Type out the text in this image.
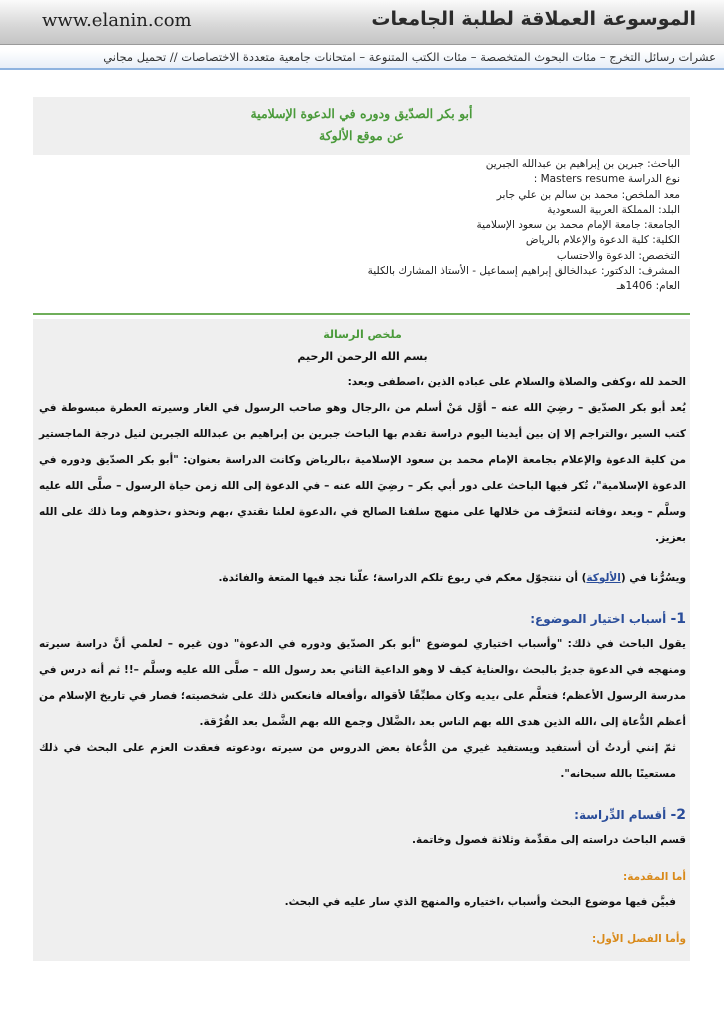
www.elanin.com	الموسوعة العملاقة لطلبة الجامعات
عشرات رسائل التخرج – مئات البحوث المتخصصة – مئات الكتب المتنوعة – امتحانات جامعية متعددة الاختصاصات // تحميل مجاني
أبو بكر الصدّيق ودوره في الدعوة الإسلامية
عن موقع الألوكة
الباحث: جبرين بن إبراهيم بن عبدالله الجبرين
نوع الدراسة Masters resume :
معد الملخص: محمد بن سالم بن علي جابر
البلد: المملكة العربية السعودية
الجامعة: جامعة الإمام محمد بن سعود الإسلامية
الكلية: كلية الدعوة والإعلام بالرياض
التخصص: الدعوة والاحتساب
المشرف: الدكتور: عبدالخالق إبراهيم إسماعيل - الأستاذ المشارك بالكلية
العام: 1406هـ
ملخص الرسالة
بسم الله الرحمن الرحيم
الحمد لله ،وكفى والصلاة والسلام على عباده الذين ،اصطفى وبعد:
يُعد أبو بكر الصدّيق – رضِيَ الله عنه – أوَّل مَنْ أسلم من ،الرجال وهو صاحب الرسول في الغار وسيرته العطرة مبسوطة في كتب السير ،والتراجم إلا إن بين أيدينا اليوم دراسة تقدم بها الباحث جبرين بن إبراهيم بن عبدالله الجبرين لنيل درجة الماجستير من كلية الدعوة والإعلام بجامعة الإمام محمد بن سعود الإسلامية ،بالرياض وكانت الدراسة بعنوان: "أبو بكر الصدّيق ودوره في الدعوة الإسلامية"، تُكر فيها الباحث على دور أبي بكر – رضِيَ الله عنه – في الدعوة إلى الله زمن حياة الرسول – صلَّى الله عليه وسلَّم – وبعد ،وفاته لتتعرَّف من خلالها على منهج سلفنا الصالح في ،الدعوة لعلنا نقتدي ،بهم ونحذو ،حذوهم وما ذلك على الله بعزيز.
ويسُرُّنا في (الألوكة) أن ننتجوّل معكم في ربوع تلكم الدراسة؛ علّنا نجد فيها المتعة والفائدة.
1- أسباب اختيار الموضوع:
يقول الباحث في ذلك: "وأسباب اختياري لموضوع "أبو بكر الصدّيق ودوره في الدعوة" دون غيره – لعلمي أنَّ دراسة سيرته ومنهجه في الدعوة جديرٌ بالبحث ،والعناية كيف لا وهو الداعية الثاني بعد رسول الله – صلَّى الله عليه وسلَّم –!! ثم أنه درس في مدرسة الرسول الأعظم؛ فتعلَّم على ،يديه وكان مطبِّقًا لأقواله ،وأفعاله فانعكس ذلك على شخصيته؛ فصار في تاريخ الإسلام من أعظم الدُّعاة إلى ،الله الذين هدى الله بهم الناس بعد ،الضَّلال وجمع الله بهم الشَّمل بعد الفُرْقة.
ثمّ إنني أردتُ أن أستفيد ويستفيد غيري من الدُّعاة بعض الدروس من سيرته ،ودعوته فعقدت العزم على البحث في ذلك مستعينًا بالله سبحانه".
2- أقسام الدِّراسة:
قسم الباحث دراسته إلى مقدِّمة وثلاثة فصول وخاتمة.
أما المقدمة:
فبيَّن فيها موضوع البحث وأسباب ،اختياره والمنهج الذي سار عليه في البحث.
وأما الفصل الأول:
